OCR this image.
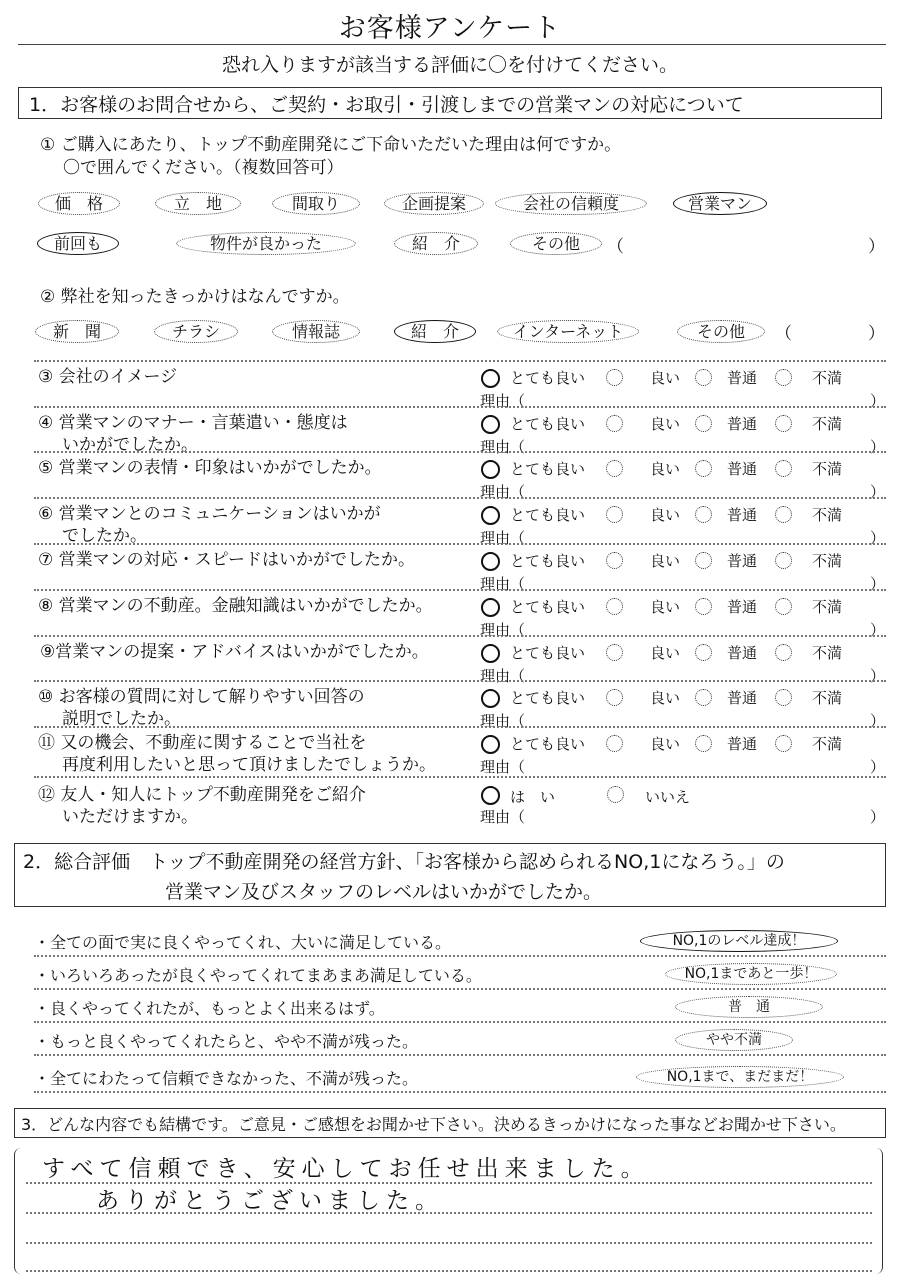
お客様アンケート
恐れ入りますが該当する評価に〇を付けてください。
1．お客様のお問合せから、ご契約・お取引・引渡しまでの営業マンの対応について
① ご購入にあたり、トップ不動産開発にご下命いただいた理由は何ですか。
〇で囲んでください。（複数回答可）
価　格	立　地	間取り	企画提案	会社の信頼度	営業マン
前回も	物件が良かった	紹　介	その他	（	）
② 弊社を知ったきっかけはなんですか。
新　聞	チラシ	情報誌	紹　介	インターネット	その他	（	）
③ 会社のイメージ	とても良い	良い	普通	不満
理由（	）
④ 営業マンのマナー・言葉遣い・態度は
いかがでしたか。
とても良い	良い	普通	不満
理由（	）
⑤ 営業マンの表情・印象はいかがでしたか。	とても良い	良い	普通	不満
理由（	）
⑥ 営業マンとのコミュニケーションはいかが
でしたか。
とても良い	良い	普通	不満
理由（	）
⑦ 営業マンの対応・スピードはいかがでしたか。	とても良い	良い	普通	不満
理由（	）
⑧ 営業マンの不動産。金融知識はいかがでしたか。	とても良い	良い	普通	不満
理由（	）
⑨営業マンの提案・アドバイスはいかがでしたか。	とても良い	良い	普通	不満
理由（	）
⑩ お客様の質問に対して解りやすい回答の
説明でしたか。
とても良い	良い	普通	不満
理由（	）
⑪ 又の機会、不動産に関することで当社を
再度利用したいと思って頂けましたでしょうか。
とても良い	良い	普通	不満
理由（	）
⑫ 友人・知人にトップ不動産開発をご紹介
いただけますか。
は　い	いいえ
理由（	）
2．総合評価　トップ不動産開発の経営方針、「お客様から認められるNO,1になろう。」の
営業マン及びスタッフのレベルはいかがでしたか。
・全ての面で実に良くやってくれ、大いに満足している。	NO,1のレベル達成！
・いろいろあったが良くやってくれてまあまあ満足している。	NO,1まであと一歩！
・良くやってくれたが、もっとよく出来るはず。	普　通
・もっと良くやってくれたらと、やや不満が残った。	やや不満
・全てにわたって信頼できなかった、不満が残った。	NO,1まで、まだまだ！
3．どんな内容でも結構です。ご意見・ご感想をお聞かせ下さい。決めるきっかけになった事などお聞かせ下さい。
すべて信頼でき、安心してお任せ出来ました。
ありがとうございました。
